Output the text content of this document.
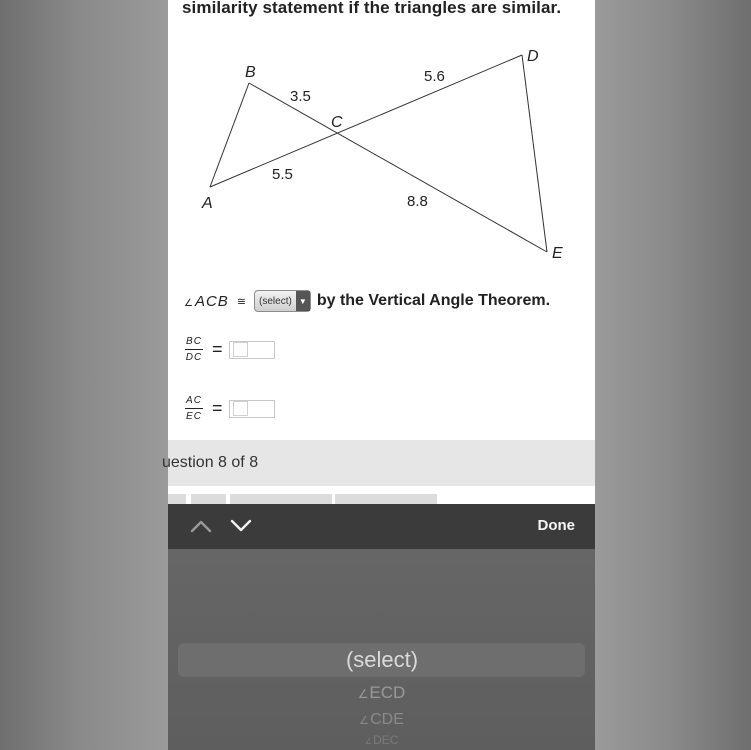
similarity statement if the triangles are similar.
B
A
C
D
E
3.5
5.6
5.5
8.8
∠ACB ≅	(select) ▼ by the Vertical Angle Theorem.
$\frac{BC}{DC}$ =
$\frac{AC}{EC}$ =
uestion 8 of 8
Done
(select)
∠ECD
∠CDE
∠DEC
